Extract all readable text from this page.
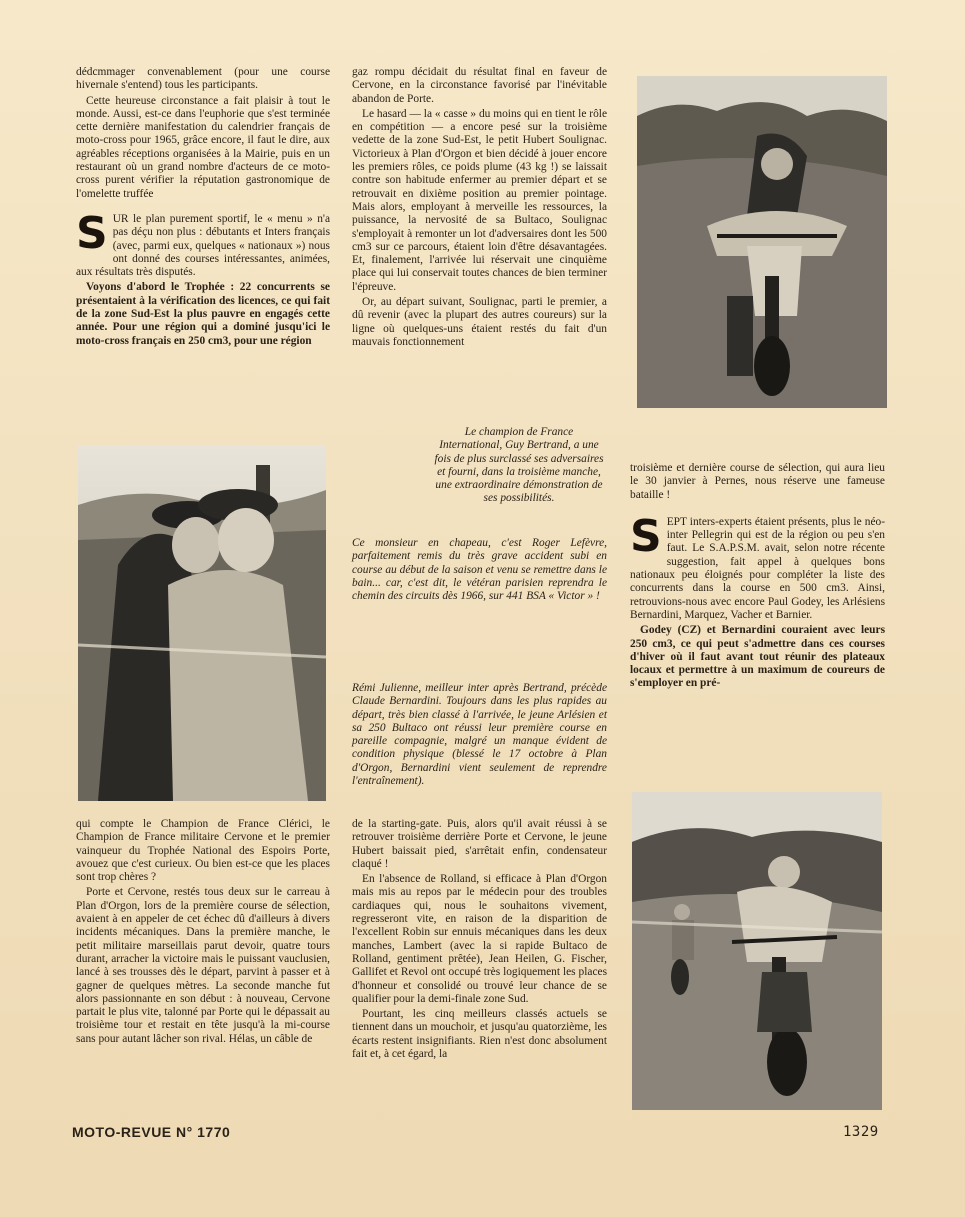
dédcmmager convenablement (pour une course hivernale s'entend) tous les participants.

Cette heureuse circonstance a fait plaisir à tout le monde. Aussi, est-ce dans l'euphorie que s'est terminée cette dernière manifestation du calendrier français de moto-cross pour 1965, grâce encore, il faut le dire, aux agréables réceptions organisées à la Mairie, puis en un restaurant où un grand nombre d'acteurs de ce moto-cross purent vérifier la réputation gastronomique de l'omelette truffée

S UR le plan purement sportif, le « menu » n'a pas déçu non plus : débutants et Inters français (avec, parmi eux, quelques « nationaux ») nous ont donné des courses intéressantes, animées, aux résultats très disputés.

Voyons d'abord le Trophée : 22 concurrents se présentaient à la vérification des licences, ce qui fait de la zone Sud-Est la plus pauvre en engagés cette année. Pour une région qui a dominé jusqu'ici le moto-cross français en 250 cm3, pour une région

qui compte le Champion de France Clérici, le Champion de France militaire Cervone et le premier vainqueur du Trophée National des Espoirs Porte, avouez que c'est curieux. Ou bien est-ce que les places sont trop chères ?

Porte et Cervone, restés tous deux sur le carreau à Plan d'Orgon, lors de la première course de sélection, avaient à en appeler de cet échec dû d'ailleurs à divers incidents mécaniques. Dans la première manche, le petit militaire marseillais parut devoir, quatre tours durant, arracher la victoire mais le puissant vauclusien, lancé à ses trousses dès le départ, parvint à passer et à gagner de quelques mètres. La seconde manche fut alors passionnante en son début : à nouveau, Cervone partait le plus vite, talonné par Porte qui le dépassait au troisième tour et restait en tête jusqu'à la mi-course sans pour autant lâcher son rival. Hélas, un câble de

gaz rompu décidait du résultat final en faveur de Cervone, en la circonstance favorisé par l'inévitable abandon de Porte.

Le hasard — la « casse » du moins qui en tient le rôle en compétition — a encore pesé sur la troisième vedette de la zone Sud-Est, le petit Hubert Soulignac. Victorieux à Plan d'Orgon et bien décidé à jouer encore les premiers rôles, ce poids plume (43 kg !) se laissait contre son habitude enfermer au premier départ et se retrouvait en dixième position au premier pointage. Mais alors, employant à merveille les ressources, la puissance, la nervosité de sa Bultaco, Soulignac s'employait à remonter un lot d'adversaires dont les 500 cm3 sur ce parcours, étaient loin d'être désavantagées. Et, finalement, l'arrivée lui réservait une cinquième place qui lui conservait toutes chances de bien terminer l'épreuve.

Or, au départ suivant, Soulignac, parti le premier, a dû revenir (avec la plupart des autres coureurs) sur la ligne où quelques-uns étaient restés du fait d'un mauvais fonctionnement

Le champion de France International, Guy Bertrand, a une fois de plus surclassé ses adversaires et fourni, dans la troisième manche, une extraordinaire démonstration de ses possibilités.
Ce monsieur en chapeau, c'est Roger Lefèvre, parfaitement remis du très grave accident subi en course au début de la saison et venu se remettre dans le bain... car, c'est dit, le vétéran parisien reprendra le chemin des circuits dès 1966, sur 441 BSA « Victor » !
Rémi Julienne, meilleur inter après Bertrand, précède Claude Bernardini. Toujours dans les plus rapides au départ, très bien classé à l'arrivée, le jeune Arlésien et sa 250 Bultaco ont réussi leur première course en pareille compagnie, malgré un manque évident de condition physique (blessé le 17 octobre à Plan d'Orgon, Bernardini vient seulement de reprendre l'entraînement).

de la starting-gate. Puis, alors qu'il avait réussi à se retrouver troisième derrière Porte et Cervone, le jeune Hubert baissait pied, s'arrêtait enfin, condensateur claqué !

En l'absence de Rolland, si efficace à Plan d'Orgon mais mis au repos par le médecin pour des troubles cardiaques qui, nous le souhaitons vivement, regresseront vite, en raison de la disparition de l'excellent Robin sur ennuis mécaniques dans les deux manches, Lambert (avec la si rapide Bultaco de Rolland, gentiment prêtée), Jean Heilen, G. Fischer, Gallifet et Revol ont occupé très logiquement les places d'honneur et consolidé ou trouvé leur chance de se qualifier pour la demi-finale zone Sud.

Pourtant, les cinq meilleurs classés actuels se tiennent dans un mouchoir, et jusqu'au quatorzième, les écarts restent insignifiants. Rien n'est donc absolument fait et, à cet égard, la

troisième et dernière course de sélection, qui aura lieu le 30 janvier à Pernes, nous réserve une fameuse bataille !

S EPT inters-experts étaient présents, plus le néo-inter Pellegrin qui est de la région ou peu s'en faut. Le S.A.P.S.M. avait, selon notre récente suggestion, fait appel à quelques bons nationaux peu éloignés pour compléter la liste des concurrents dans la course en 500 cm3. Ainsi, retrouvions-nous avec encore Paul Godey, les Arlésiens Bernardini, Marquez, Vacher et Barnier.

Godey (CZ) et Bernardini couraient avec leurs 250 cm3, ce qui peut s'admettre dans ces courses d'hiver où il faut avant tout réunir des plateaux locaux et permettre à un maximum de coureurs de s'employer en pré-

MOTO-REVUE N° 1770	1329
